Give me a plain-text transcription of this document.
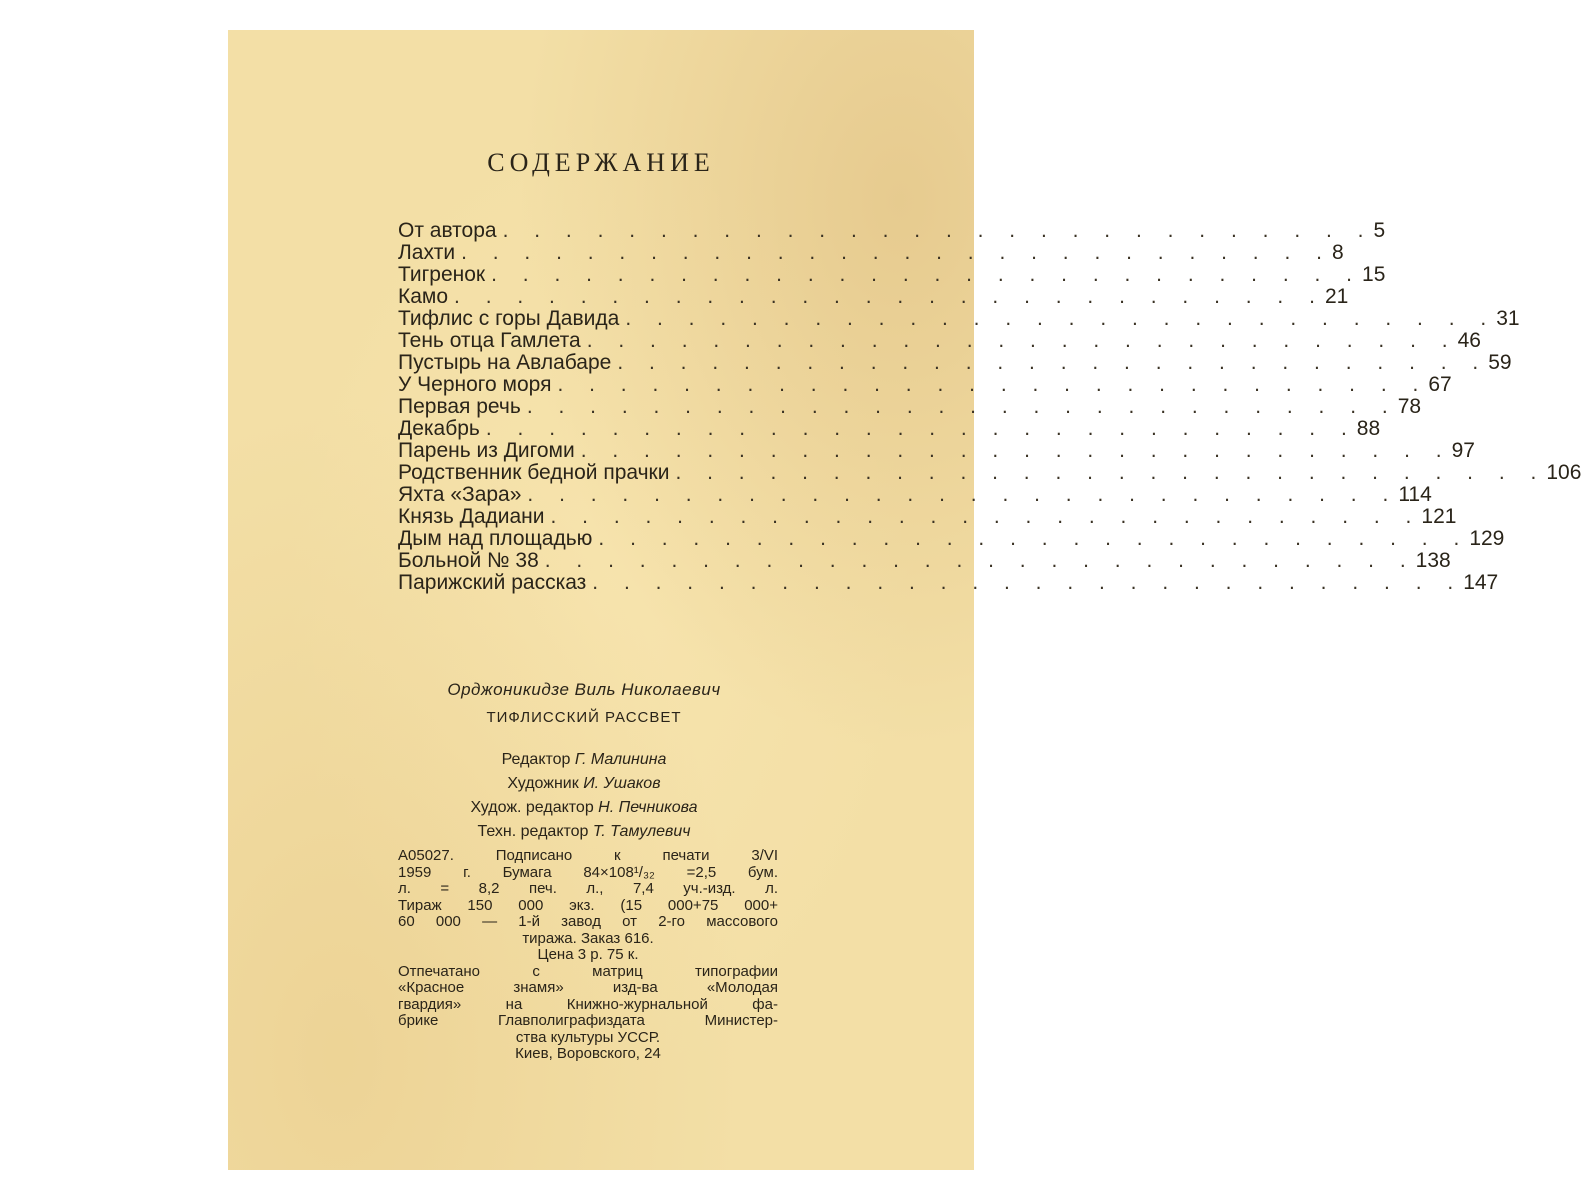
СОДЕРЖАНИЕ
От автора . . . . . . . . . . . . . . . . . . . . . . . . . . . . 5
Лахти . . . . . . . . . . . . . . . . . . . . . . . . . . . . 8
Тигренок . . . . . . . . . . . . . . . . . . . . . . . . . . . . 15
Камо . . . . . . . . . . . . . . . . . . . . . . . . . . . . 21
Тифлис с горы Давида . . . . . . . . . . . . . . . . . . . . . . . . . . . . 31
Тень отца Гамлета . . . . . . . . . . . . . . . . . . . . . . . . . . . . 46
Пустырь на Авлабаре . . . . . . . . . . . . . . . . . . . . . . . . . . . . 59
У Черного моря . . . . . . . . . . . . . . . . . . . . . . . . . . . . 67
Первая речь . . . . . . . . . . . . . . . . . . . . . . . . . . . . 78
Декабрь . . . . . . . . . . . . . . . . . . . . . . . . . . . . 88
Парень из Дигоми . . . . . . . . . . . . . . . . . . . . . . . . . . . . 97
Родственник бедной прачки . . . . . . . . . . . . . . . . . . . . . . . . . . . . 106
Яхта «Зара» . . . . . . . . . . . . . . . . . . . . . . . . . . . . 114
Князь Дадиани . . . . . . . . . . . . . . . . . . . . . . . . . . . . 121
Дым над площадью . . . . . . . . . . . . . . . . . . . . . . . . . . . . 129
Больной № 38 . . . . . . . . . . . . . . . . . . . . . . . . . . . . 138
Парижский рассказ . . . . . . . . . . . . . . . . . . . . . . . . . . . . 147
Орджоникидзе Виль Николаевич
ТИФЛИССКИЙ РАССВЕТ
Редактор Г. Малинина
Художник И. Ушаков
Худож. редактор Н. Печникова
Техн. редактор Т. Тамулевич
А05027. Подписано к печати 3/VI
1959 г. Бумага 84×108¹/₃₂ =2,5 бум.
л. = 8,2 печ. л., 7,4 уч.-изд. л.
Тираж 150 000 экз. (15 000+75 000+
60 000 — 1-й завод от 2-го массового
тиража. Заказ 616.
Цена 3 р. 75 к.
Отпечатано с матриц типографии
«Красное знамя» изд-ва «Молодая
гвардия» на Книжно-журнальной фа-
брике Главполиграфиздата Министер-
ства культуры УССР.
Киев, Воровского, 24
